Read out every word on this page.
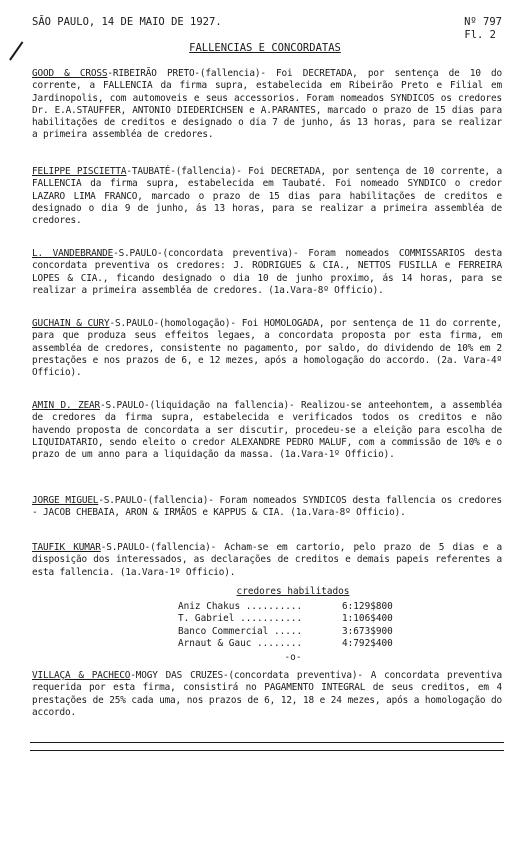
SÃO PAULO, 14 DE MAIO DE 1927.	Nº 797
Fl. 2
FALLENCIAS E CONCORDATAS
GOOD & CROSS-RIBEIRÃO PRETO-(fallencia)- Foi DECRETADA, por sentença de 10 do corrente, a FALLENCIA da firma supra, estabelecida em Ribeirão Preto e Filial em Jardinopolis, com automoveis e seus accessorios. Foram nomeados SYNDICOS os credores Dr. E.A.STAUFFER, ANTONIO DIEDERICHSEN e A.PARANTES, marcado o prazo de 15 dias para habilitações de creditos e designado o dia 7 de junho, ás 13 horas, para se realizar a primeira assembléa de credores.
FELIPPE PISCIETTA-TAUBATÉ-(fallencia)- Foi DECRETADA, por sentença de 10 corrente, a FALLENCIA da firma supra, estabelecida em Taubaté. Foi nomeado SYNDICO o credor LAZARO LIMA FRANCO, marcado o prazo de 15 dias para habilitações de creditos e designado o dia 9 de junho, ás 13 horas, para se realizar a primeira assembléa de credores.
L. VANDEBRANDE-S.PAULO-(concordata preventiva)- Foram nomeados COMMISSARIOS desta concordata preventiva os credores: J. RODRIGUES & CIA., NETTOS FUSILLA e FERREIRA LOPES & CIA., ficando designado o dia 10 de junho proximo, ás 14 horas, para se realizar a primeira assembléa de credores. (1a.Vara-8º Officio).
GUCHAIN & CURY-S.PAULO-(homologação)- Foi HOMOLOGADA, por sentença de 11 do corrente, para que produza seus effeitos legaes, a concordata proposta por esta firma, em assembléa de credores, consistente no pagamento, por saldo, do dividendo de 10% em 2 prestações e nos prazos de 6, e 12 mezes, após a homologação do accordo. (2a. Vara-4º Officio).
AMIN D. ZEAR-S.PAULO-(liquidação na fallencia)- Realizou-se anteehontem, a assembléa de credores da firma supra, estabelecida e verificados todos os creditos e não havendo proposta de concordata a ser discutir, procedeu-se a eleição para escolha de LIQUIDATARIO, sendo eleito o credor ALEXANDRE PEDRO MALUF, com a commissão de 10% e o prazo de um anno para a liquidação da massa. (1a.Vara-1º Officio).
JORGE MIGUEL-S.PAULO-(fallencia)- Foram nomeados SYNDICOS desta fallencia os credores - JACOB CHEBAIA, ARON & IRMÃOS e KAPPUS & CIA. (1a.Vara-8º Officio).
TAUFIK KUMAR-S.PAULO-(fallencia)- Acham-se em cartorio, pelo prazo de 5 dias e a disposição dos interessados, as declarações de creditos e demais papeis referentes a esta fallencia. (1a.Vara-1º Officio).
credores habilitados
Aniz Chakus ..........	6:129$800
T. Gabriel ...........	1:106$400
Banco Commercial .....	3:673$900
Arnaut & Gauc ........	4:792$400
-o-
VILLAÇA & PACHECO-MOGY DAS CRUZES-(concordata preventiva)- A concordata preventiva requerida por esta firma, consistirá no PAGAMENTO INTEGRAL de seus creditos, em 4 prestações de 25% cada uma, nos prazos de 6, 12, 18 e 24 mezes, após a homologação do accordo.
